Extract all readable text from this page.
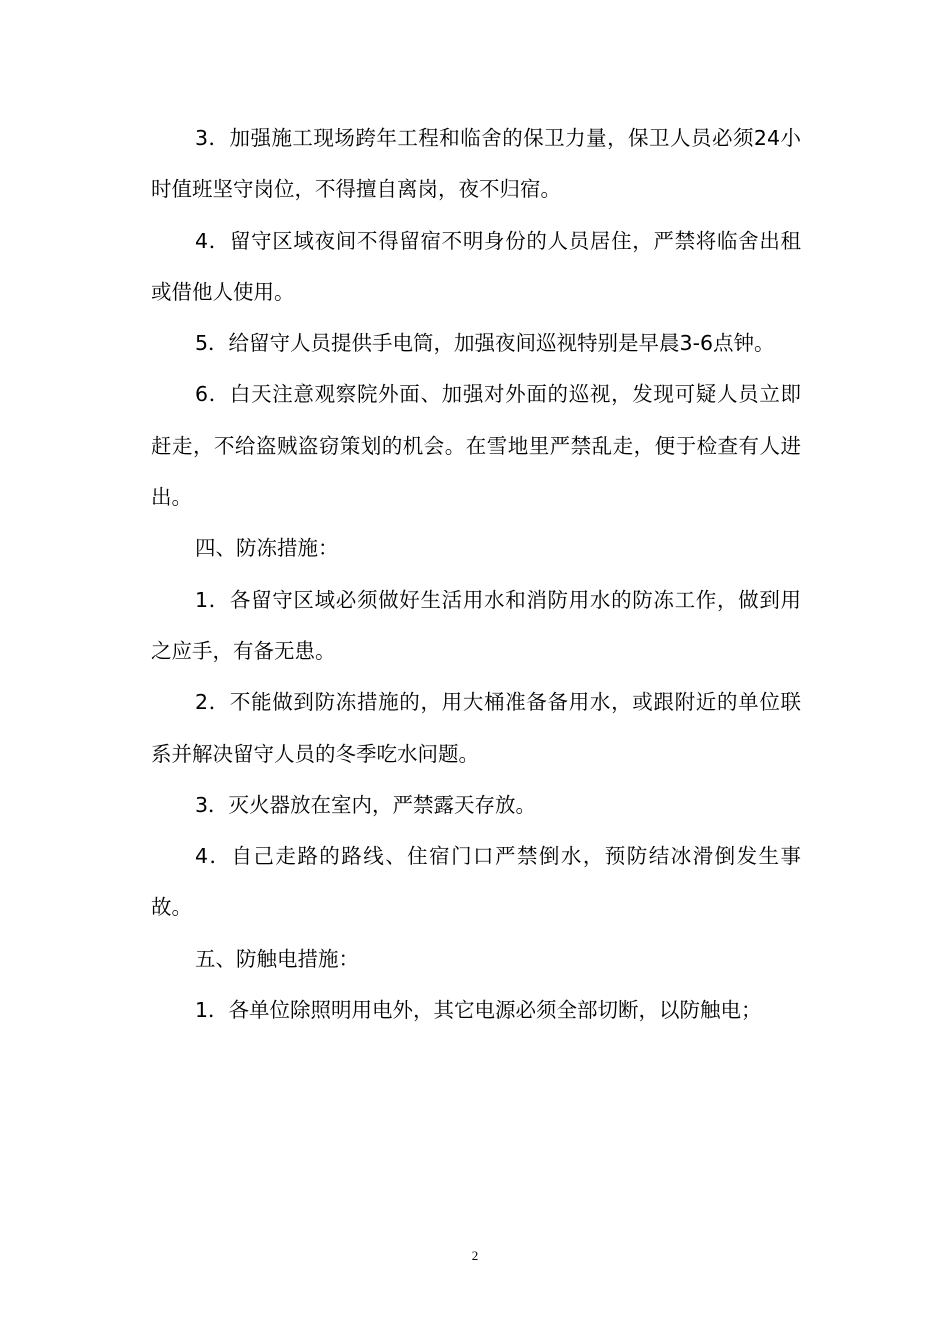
3．加强施工现场跨年工程和临舍的保卫力量，保卫人员必须24小时值班坚守岗位，不得擅自离岗，夜不归宿。

4．留守区域夜间不得留宿不明身份的人员居住，严禁将临舍出租或借他人使用。

5．给留守人员提供手电筒，加强夜间巡视特别是早晨3-6点钟。

6．白天注意观察院外面、加强对外面的巡视，发现可疑人员立即赶走，不给盗贼盗窃策划的机会。在雪地里严禁乱走，便于检查有人进出。

四、防冻措施：

1．各留守区域必须做好生活用水和消防用水的防冻工作，做到用之应手，有备无患。

2．不能做到防冻措施的，用大桶准备备用水，或跟附近的单位联系并解决留守人员的冬季吃水问题。

3．灭火器放在室内，严禁露天存放。

4．自己走路的路线、住宿门口严禁倒水，预防结冰滑倒发生事故。

五、防触电措施：

1．各单位除照明用电外，其它电源必须全部切断，以防触电；

2
